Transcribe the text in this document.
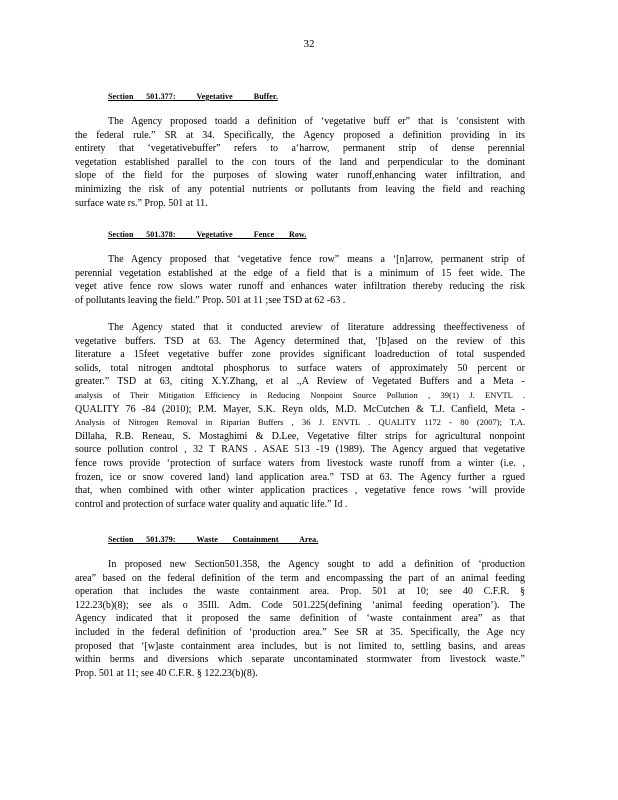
32
Section      501.377:          Vegetative          Buffer.

The Agency proposed toadd a definition of ‘vegetative buff er” that is ‘consistent with
the federal rule.” SR at 34. Specifically, the Agency proposed a definition providing in its
entirety that ‘vegetativebuffer” refers to a‘harrow, permanent strip of dense perennial
vegetation established parallel to the con tours of the land and perpendicular to the dominant
slope of the field for the purposes of slowing water runoff,enhancing water infiltration, and
minimizing the risk of any potential nutrients or pollutants from leaving the field and reaching
surface wate rs.” Prop. 501 at 11.

Section      501.378:          Vegetative          Fence       Row.

The Agency proposed that ‘vegetative fence row” means a ‘[n]arrow, permanent strip of
perennial vegetation established at the edge of a field that is a minimum of 15 feet wide. The
veget ative fence row slows water runoff and enhances water infiltration thereby reducing the risk
of pollutants leaving the field.” Prop. 501 at 11 ;see TSD at 62 -63 .

The Agency stated that it conducted areview of literature addressing theeffectiveness of
vegetative buffers. TSD at 63. The Agency determined that, ‘[b]ased on the review of this
literature a 15feet vegetative buffer zone provides significant loadreduction of total suspended
solids, total nitrogen andtotal phosphorus to surface waters of approximately 50 percent or
greater.” TSD at 63, citing X.Y.Zhang, et al .,A Review of Vegetated Buffers and a Meta -
analysis of Their Mitigation Efficiency in Reducing Nonpoint Source Pollution , 39(1) J. ENVTL .
QUALITY 76 -84 (2010); P.M. Mayer, S.K. Reyn olds, M.D. McCutchen & T.J. Canfield, Meta -
Analysis of Nitrogen Removal in Riparian Buffers , 36 J. ENVTL . QUALITY 1172 - 80 (2007); T.A.
Dillaha, R.B. Reneau, S. Mostaghimi & D.Lee, Vegetative filter strips for agricultural nonpoint
source pollution control , 32 T RANS . ASAE 513 -19 (1989). The Agency argued that vegetative
fence rows provide ‘protection of surface waters from livestock waste runoff from a winter (i.e. ,
frozen, ice or snow covered land) land application area.” TSD at 63. The Agency further a rgued
that, when combined with other winter application practices , vegetative fence rows ‘will provide
control and protection of surface water quality and aquatic life.” Id .

Section      501.379:          Waste       Containment          Area.

In proposed new Section501.358, the Agency sought to add a definition of ‘production
area” based on the federal definition of the term and encompassing the part of an animal feeding
operation that includes the waste containment area. Prop. 501 at 10; see 40 C.F.R. §
122.23(b)(8); see als o 35Ill. Adm. Code 501.225(defining ‘animal feeding operation’). The
Agency indicated that it proposed the same definition of ‘waste containment area” as that
included in the federal definition of ‘production area.” See SR at 35. Specifically, the Age ncy
proposed that ‘[w]aste containment area includes, but is not limited to, settling basins, and areas
within berms and diversions which separate uncontaminated stormwater from livestock waste.”
Prop. 501 at 11; see 40 C.F.R. § 122.23(b)(8).
